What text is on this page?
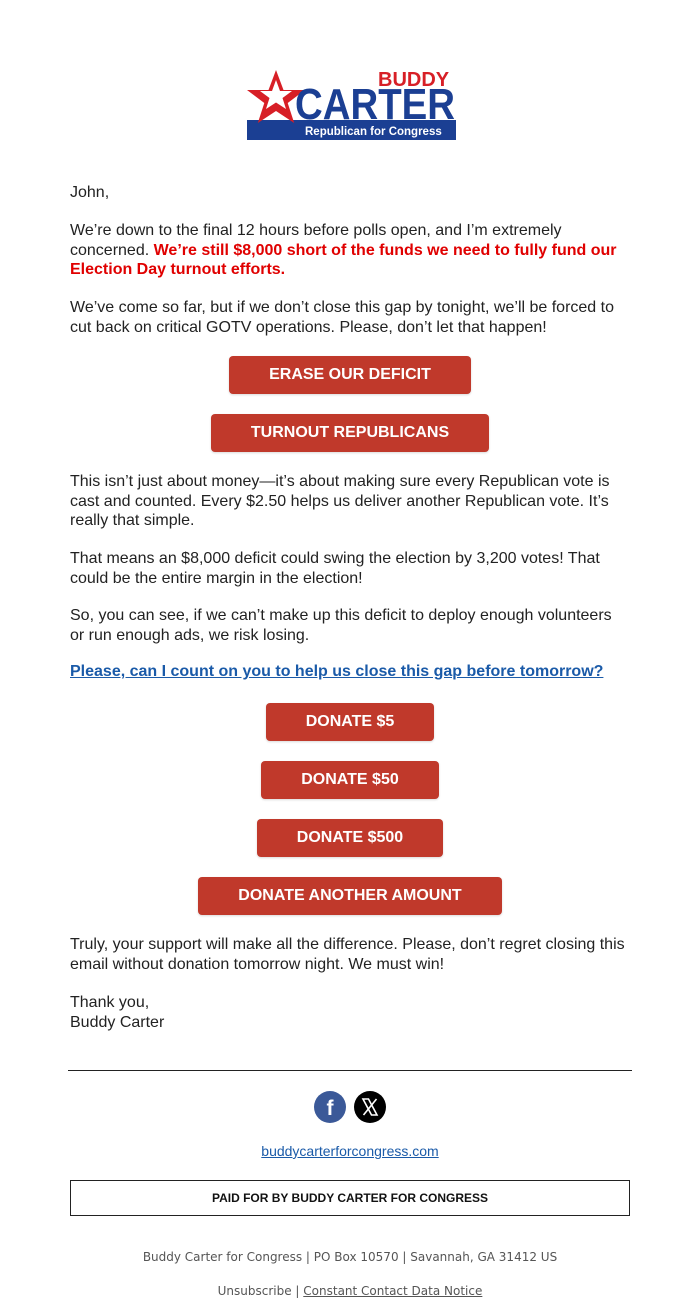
BUDDY
CARTER
Republican for Congress
John,
We’re down to the final 12 hours before polls open, and I’m extremely
concerned. We’re still $8,000 short of the funds we need to fully fund our
Election Day turnout efforts.
We’ve come so far, but if we don’t close this gap by tonight, we’ll be forced to
cut back on critical GOTV operations. Please, don’t let that happen!
ERASE OUR DEFICIT
TURNOUT REPUBLICANS
This isn’t just about money—it’s about making sure every Republican vote is
cast and counted. Every $2.50 helps us deliver another Republican vote. It’s
really that simple.
That means an $8,000 deficit could swing the election by 3,200 votes! That
could be the entire margin in the election!
So, you can see, if we can’t make up this deficit to deploy enough volunteers
or run enough ads, we risk losing.
Please, can I count on you to help us close this gap before tomorrow?
DONATE $5
DONATE $50
DONATE $500
DONATE ANOTHER AMOUNT
Truly, your support will make all the difference. Please, don’t regret closing this
email without donation tomorrow night. We must win!
Thank you,
Buddy Carter
f
buddycarterforcongress.com
PAID FOR BY BUDDY CARTER FOR CONGRESS
Buddy Carter for Congress | PO Box 10570 | Savannah, GA 31412 US
Unsubscribe | Constant Contact Data Notice
